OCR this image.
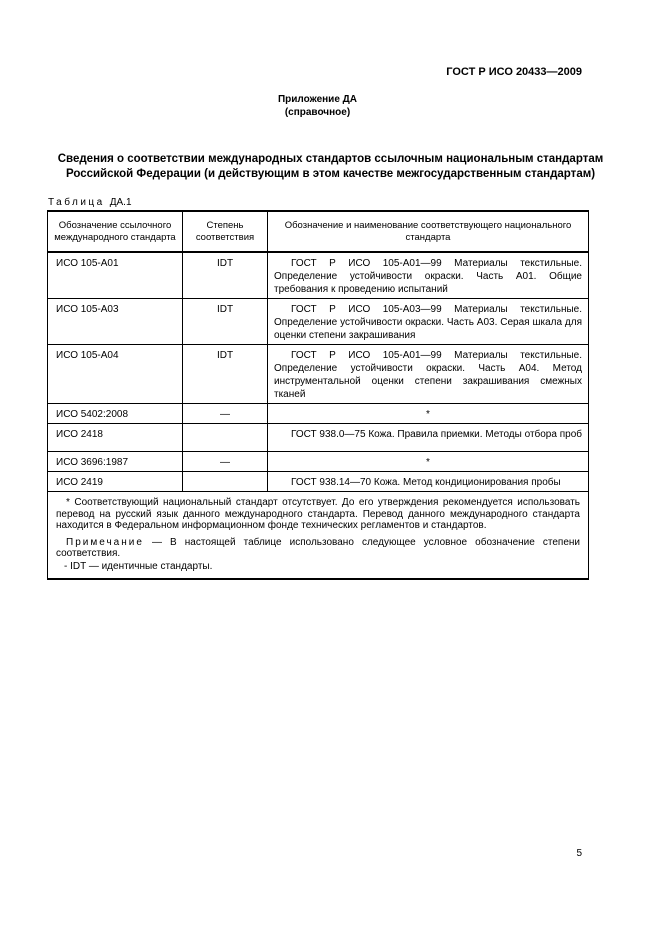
ГОСТ Р ИСО 20433—2009
Приложение ДА
(справочное)
Сведения о соответствии международных стандартов ссылочным национальным стандартам
Российской Федерации (и действующим в этом качестве межгосударственным стандартам)
Таблица ДА.1
Обозначение ссылочного международного стандарта	Степень соответствия	Обозначение и наименование соответствующего национального стандарта
ИСО 105-А01	IDT	ГОСТ Р ИСО 105-А01—99 Материалы текстильные. Определение устойчивости окраски. Часть А01. Общие требования к проведению испытаний

ИСО 105-А03	IDT	ГОСТ Р ИСО 105-А03—99 Материалы текстильные. Определение устойчивости окраски. Часть А03. Серая шкала для оценки степени закрашивания

ИСО 105-А04	IDT	ГОСТ Р ИСО 105-А01—99 Материалы текстильные. Определение устойчивости окраски. Часть А04. Метод инструментальной оценки степени закрашивания смежных тканей

ИСО 5402:2008	—	*

ИСО 2418		ГОСТ 938.0—75 Кожа. Правила приемки. Методы отбора проб

ИСО 3696:1987	—	*

ИСО 2419		ГОСТ 938.14—70 Кожа. Метод кондиционирования пробы

* Соответствующий национальный стандарт отсутствует. До его утверждения рекомендуется использовать перевод на русский язык данного международного стандарта. Перевод данного международного стандарта находится в Федеральном информационном фонде технических регламентов и стандартов.

Примечание — В настоящей таблице использовано следующее условное обозначение степени соответствия.

- IDT — идентичные стандарты.		

5
